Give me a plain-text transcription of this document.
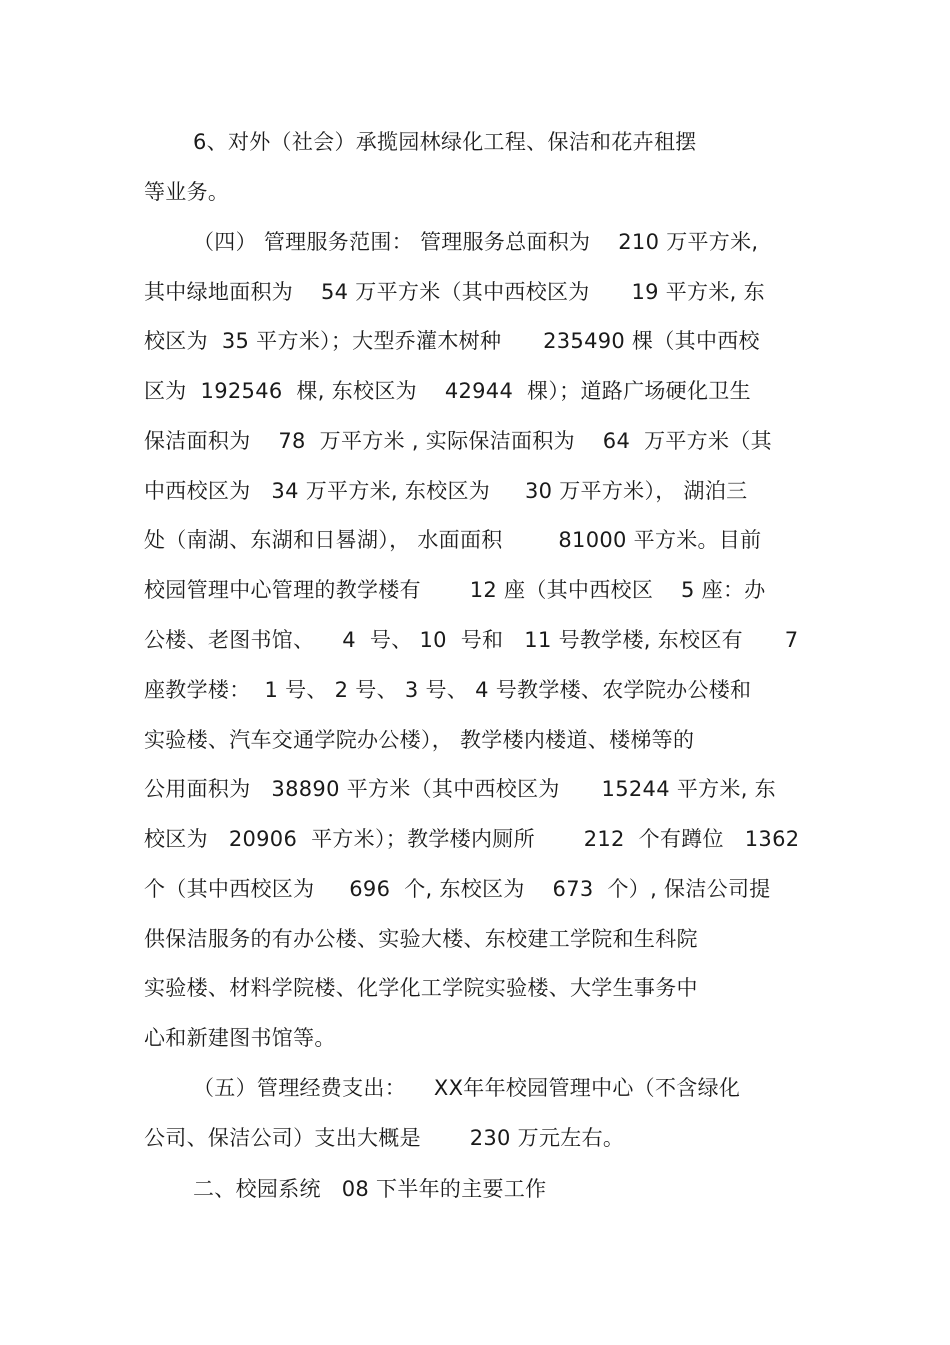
6、对外（社会）承揽园林绿化工程、保洁和花卉租摆
等业务。
（四） 管理服务范围： 管理服务总面积为    210 万平方米,
其中绿地面积为    54 万平方米（其中西校区为      19 平方米, 东
校区为  35 平方米）；大型乔灌木树种      235490 棵（其中西校
区为  192546  棵, 东校区为    42944  棵）；道路广场硬化卫生
保洁面积为    78  万平方米 , 实际保洁面积为    64  万平方米（其
中西校区为   34 万平方米, 东校区为     30 万平方米）， 湖泊三
处（南湖、东湖和日晷湖）， 水面面积        81000 平方米。目前
校园管理中心管理的教学楼有       12 座（其中西校区    5 座：办
公楼、老图书馆、    4  号、 10  号和   11 号教学楼, 东校区有      7
座教学楼：  1 号、 2 号、 3 号、 4 号教学楼、农学院办公楼和
实验楼、汽车交通学院办公楼）， 教学楼内楼道、楼梯等的
公用面积为   38890 平方米（其中西校区为      15244 平方米, 东
校区为   20906  平方米）；教学楼内厕所       212  个有蹲位   1362
个（其中西校区为     696  个, 东校区为    673  个）, 保洁公司提
供保洁服务的有办公楼、实验大楼、东校建工学院和生科院
实验楼、材料学院楼、化学化工学院实验楼、大学生事务中
心和新建图书馆等。
（五）管理经费支出：    XX年年校园管理中心（不含绿化
公司、保洁公司）支出大概是       230 万元左右。
二、校园系统   08 下半年的主要工作
